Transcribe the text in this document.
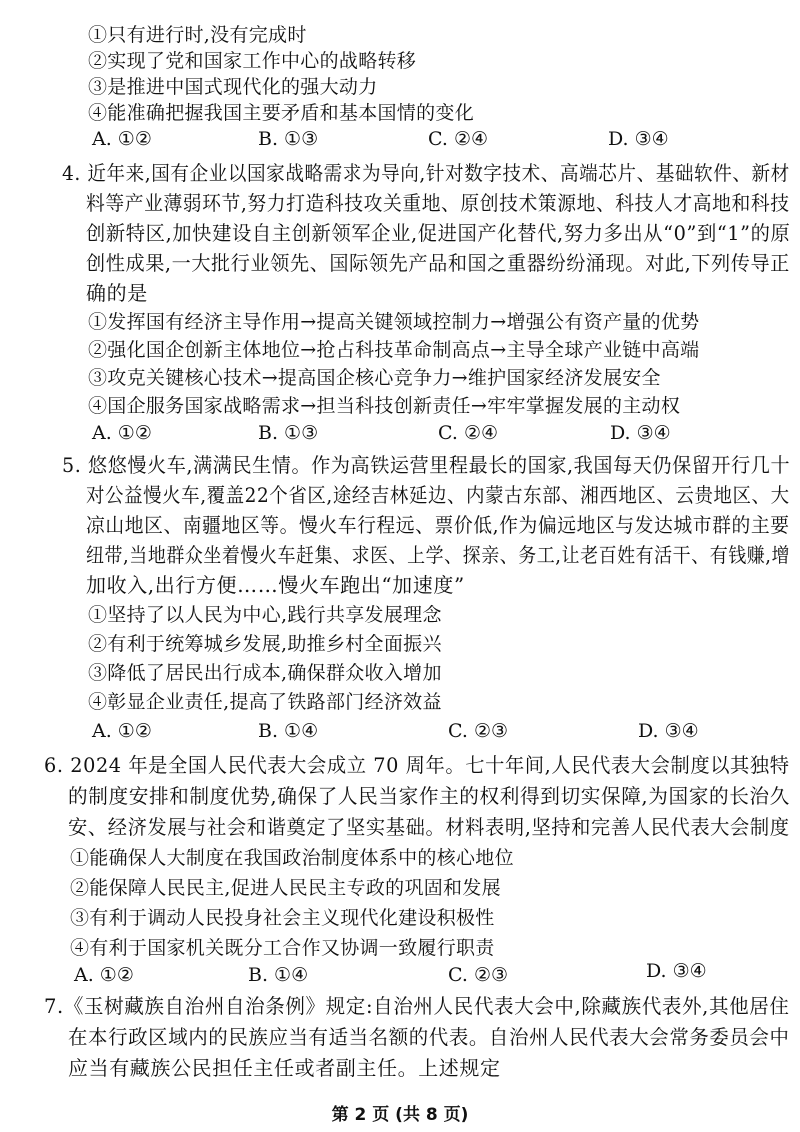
①只有进行时,没有完成时
②实现了党和国家工作中心的战略转移
③是推进中国式现代化的强大动力
④能准确把握我国主要矛盾和基本国情的变化
A. ①②	B. ①③	C. ②④	D. ③④
4. 近年来,国有企业以国家战略需求为导向,针对数字技术、高端芯片、基础软件、新材
料等产业薄弱环节,努力打造科技攻关重地、原创技术策源地、科技人才高地和科技
创新特区,加快建设自主创新领军企业,促进国产化替代,努力多出从“0”到“1”的原
创性成果,一大批行业领先、国际领先产品和国之重器纷纷涌现。对此,下列传导正
确的是
①发挥国有经济主导作用→提高关键领域控制力→增强公有资产量的优势
②强化国企创新主体地位→抢占科技革命制高点→主导全球产业链中高端
③攻克关键核心技术→提高国企核心竞争力→维护国家经济发展安全
④国企服务国家战略需求→担当科技创新责任→牢牢掌握发展的主动权
A. ①②	B. ①③	C. ②④	D. ③④
5. 悠悠慢火车,满满民生情。作为高铁运营里程最长的国家,我国每天仍保留开行几十
对公益慢火车,覆盖22个省区,途经吉林延边、内蒙古东部、湘西地区、云贵地区、大
凉山地区、南疆地区等。慢火车行程远、票价低,作为偏远地区与发达城市群的主要
纽带,当地群众坐着慢火车赶集、求医、上学、探亲、务工,让老百姓有活干、有钱赚,增
加收入,出行方便……慢火车跑出“加速度”
①坚持了以人民为中心,践行共享发展理念
②有利于统筹城乡发展,助推乡村全面振兴
③降低了居民出行成本,确保群众收入增加
④彰显企业责任,提高了铁路部门经济效益
A. ①②	B. ①④	C. ②③	D. ③④
6. 2024 年是全国人民代表大会成立 70 周年。七十年间,人民代表大会制度以其独特
的制度安排和制度优势,确保了人民当家作主的权利得到切实保障,为国家的长治久
安、经济发展与社会和谐奠定了坚实基础。材料表明,坚持和完善人民代表大会制度
①能确保人大制度在我国政治制度体系中的核心地位
②能保障人民民主,促进人民民主专政的巩固和发展
③有利于调动人民投身社会主义现代化建设积极性
④有利于国家机关既分工合作又协调一致履行职责
A. ①②	B. ①④	C. ②③	D. ③④
7.《玉树藏族自治州自治条例》规定:自治州人民代表大会中,除藏族代表外,其他居住
在本行政区域内的民族应当有适当名额的代表。自治州人民代表大会常务委员会中
应当有藏族公民担任主任或者副主任。上述规定
第 2 页 (共 8 页)
